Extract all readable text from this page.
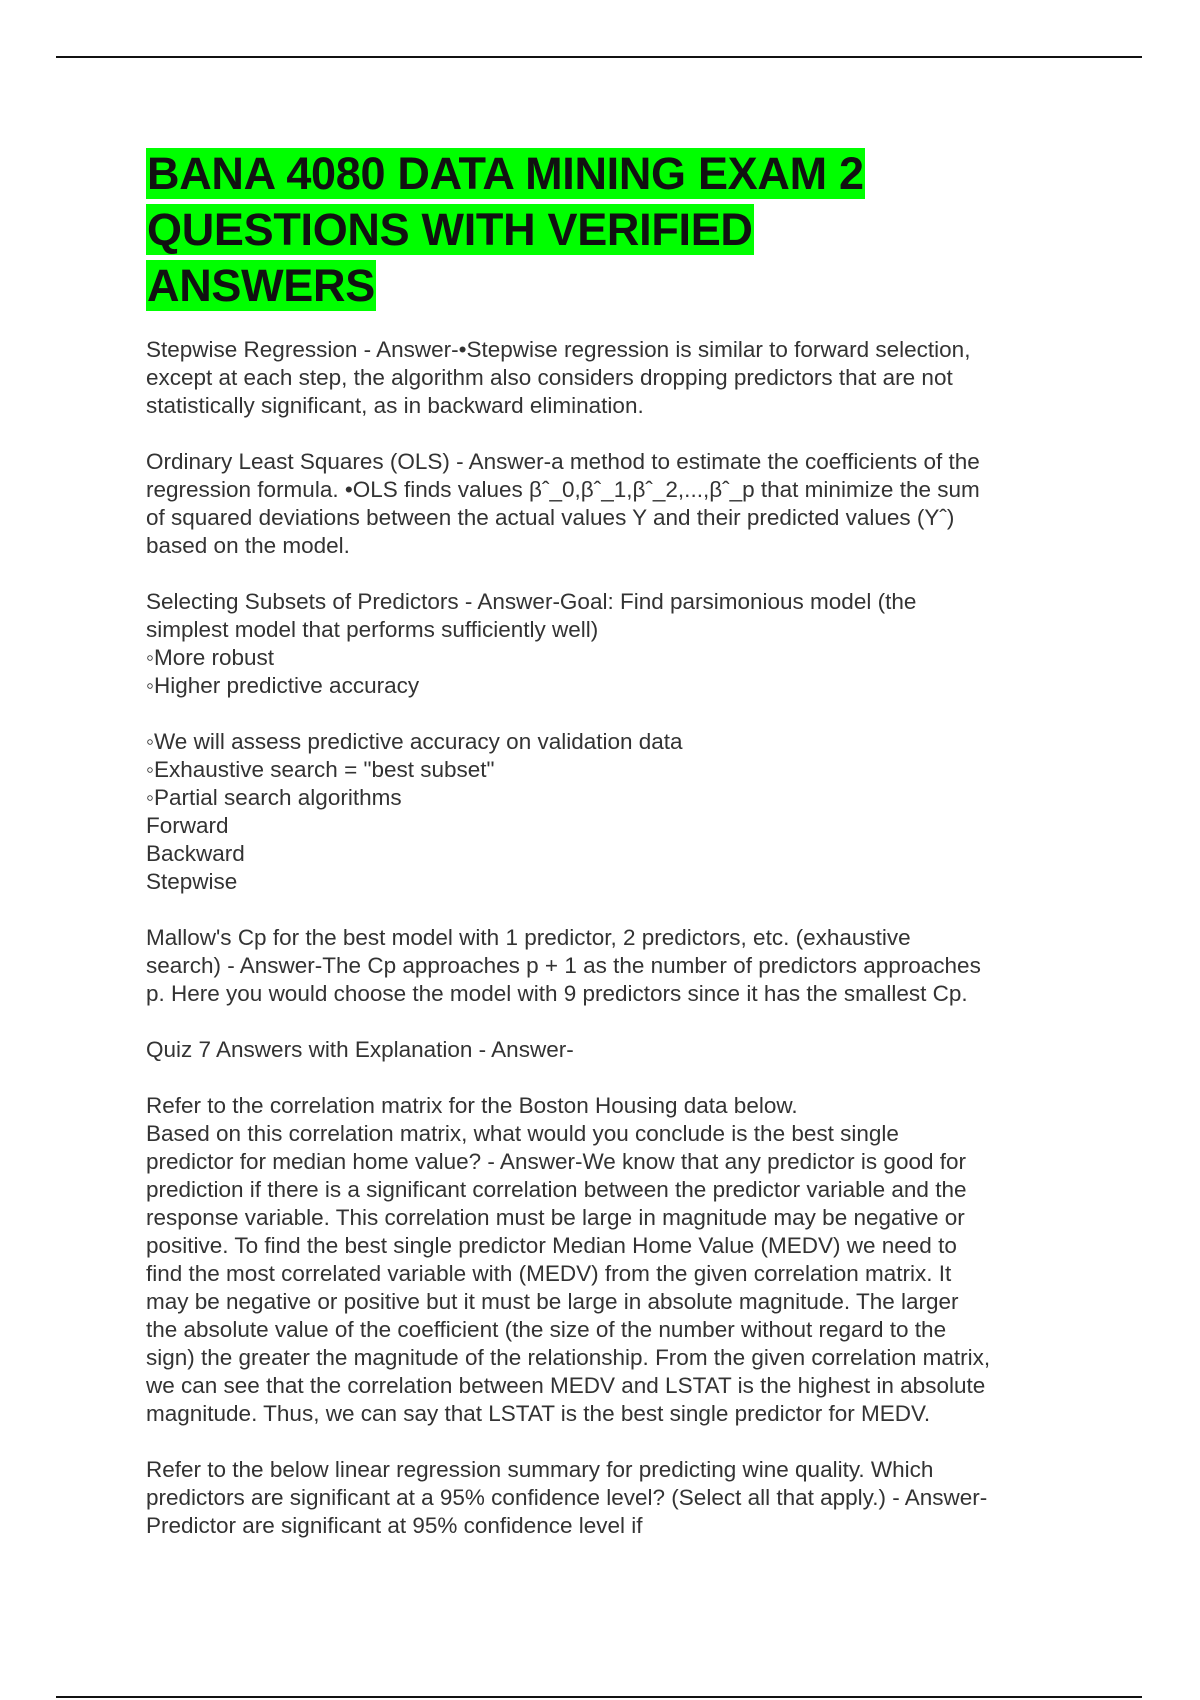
BANA 4080 DATA MINING EXAM 2
QUESTIONS WITH VERIFIED
ANSWERS
Stepwise Regression - Answer-•Stepwise regression is similar to forward selection,
except at each step, the algorithm also considers dropping predictors that are not
statistically significant, as in backward elimination.
Ordinary Least Squares (OLS) - Answer-a method to estimate the coefficients of the
regression formula. •OLS finds values βˆ_0,βˆ_1,βˆ_2,...,βˆ_p that minimize the sum
of squared deviations between the actual values Y and their predicted values (Yˆ)
based on the model.
Selecting Subsets of Predictors - Answer-Goal: Find parsimonious model (the
simplest model that performs sufficiently well)
◦More robust
◦Higher predictive accuracy
◦We will assess predictive accuracy on validation data
◦Exhaustive search = "best subset"
◦Partial search algorithms
Forward
Backward
Stepwise
Mallow's Cp for the best model with 1 predictor, 2 predictors, etc. (exhaustive
search) - Answer-The Cp approaches p + 1 as the number of predictors approaches
p. Here you would choose the model with 9 predictors since it has the smallest Cp.
Quiz 7 Answers with Explanation - Answer-
Refer to the correlation matrix for the Boston Housing data below.
Based on this correlation matrix, what would you conclude is the best single
predictor for median home value? - Answer-We know that any predictor is good for
prediction if there is a significant correlation between the predictor variable and the
response variable. This correlation must be large in magnitude may be negative or
positive. To find the best single predictor Median Home Value (MEDV) we need to
find the most correlated variable with (MEDV) from the given correlation matrix. It
may be negative or positive but it must be large in absolute magnitude. The larger
the absolute value of the coefficient (the size of the number without regard to the
sign) the greater the magnitude of the relationship. From the given correlation matrix,
we can see that the correlation between MEDV and LSTAT is the highest in absolute
magnitude. Thus, we can say that LSTAT is the best single predictor for MEDV.
Refer to the below linear regression summary for predicting wine quality. Which
predictors are significant at a 95% confidence level? (Select all that apply.) - Answer-
Predictor are significant at 95% confidence level if
